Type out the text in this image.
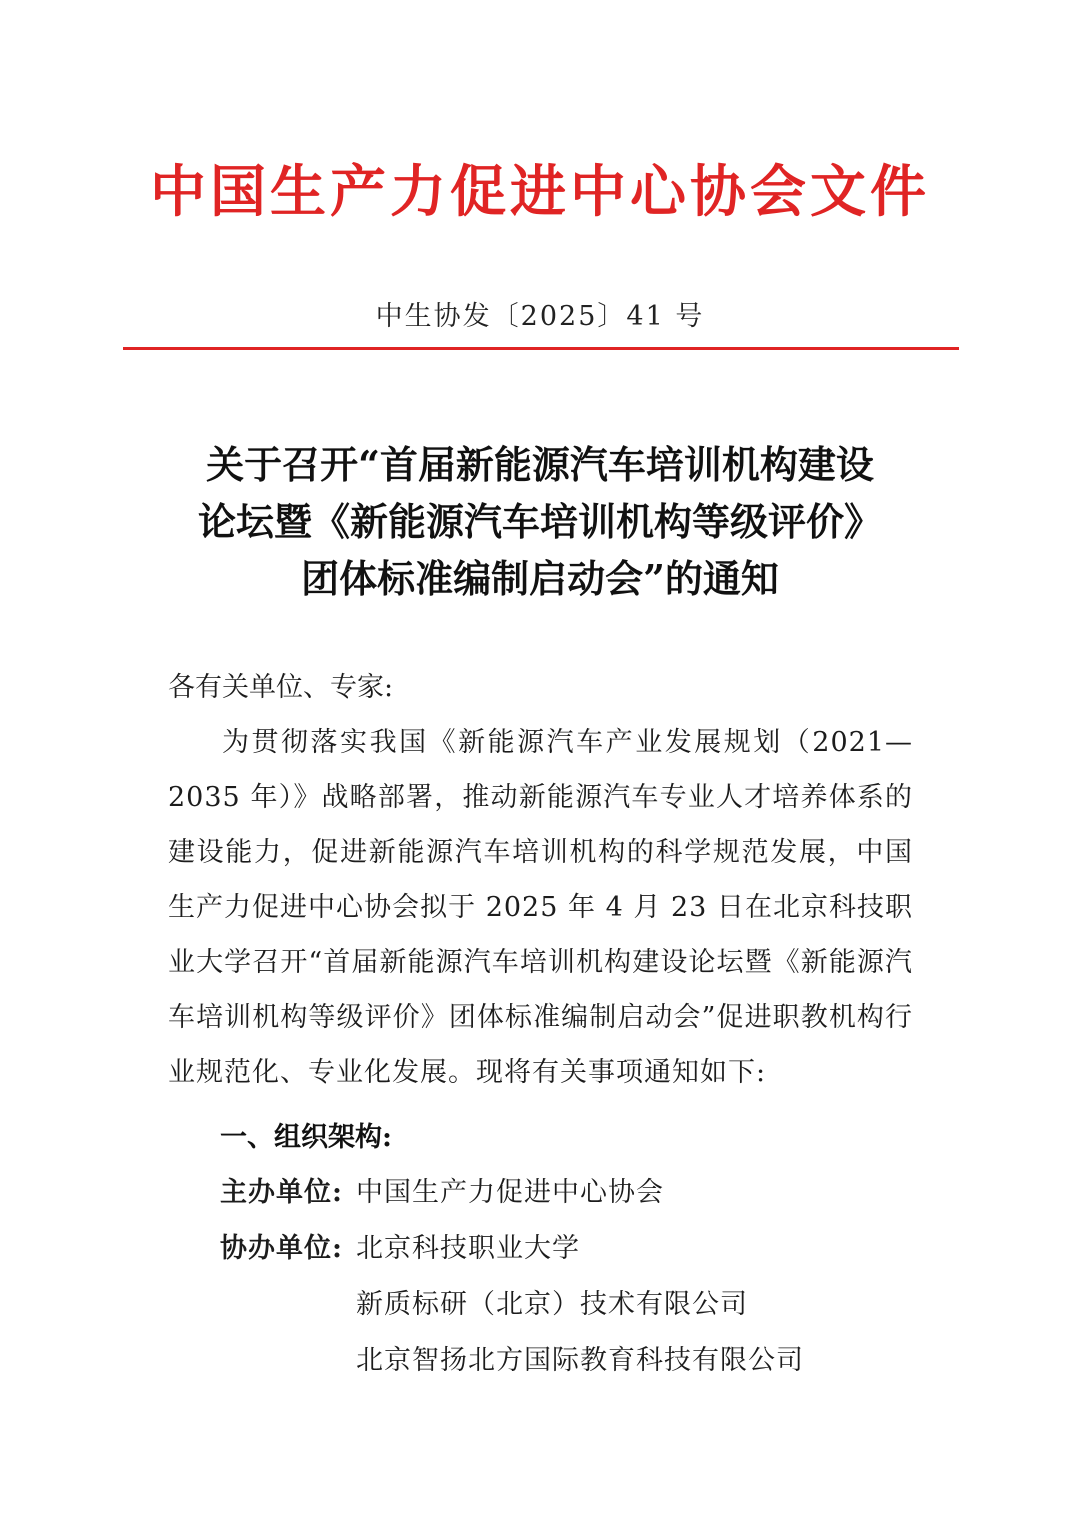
中国生产力促进中心协会文件
中生协发〔2025〕41 号
关于召开“首届新能源汽车培训机构建设
论坛暨《新能源汽车培训机构等级评价》
团体标准编制启动会”的通知
各有关单位、专家:
为贯彻落实我国《新能源汽车产业发展规划（2021—2035 年）》战略部署，推动新能源汽车专业人才培养体系的建设能力，促进新能源汽车培训机构的科学规范发展，中国生产力促进中心协会拟于 2025 年 4 月 23 日在北京科技职业大学召开“首届新能源汽车培训机构建设论坛暨《新能源汽车培训机构等级评价》团体标准编制启动会”促进职教机构行业规范化、专业化发展。现将有关事项通知如下:
一、组织架构:
主办单位: 中国生产力促进中心协会
协办单位: 北京科技职业大学
新质标研（北京）技术有限公司
北京智扬北方国际教育科技有限公司
